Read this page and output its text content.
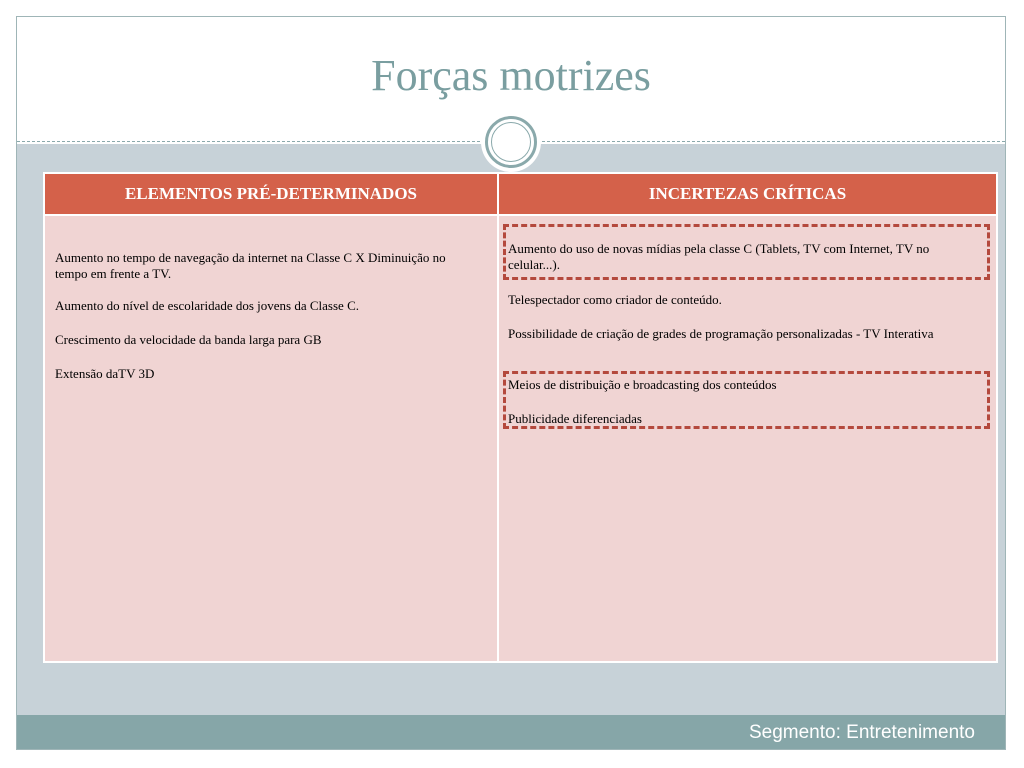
Forças motrizes
ELEMENTOS PRÉ-DETERMINADOS	INCERTEZAS CRÍTICAS

Aumento no tempo de navegação da internet na Classe C X Diminuição no tempo em frente a TV.

Aumento do nível de escolaridade dos jovens da Classe C.

Crescimento da velocidade da banda larga para GB

Extensão daTV 3D

Aumento do uso de novas mídias pela classe C (Tablets, TV com Internet, TV no celular...).

Telespectador como criador de conteúdo.

Possibilidade de criação de grades de programação personalizadas - TV Interativa

Meios de distribuição e broadcasting dos conteúdos

Publicidade diferenciadas

Segmento: Entretenimento
